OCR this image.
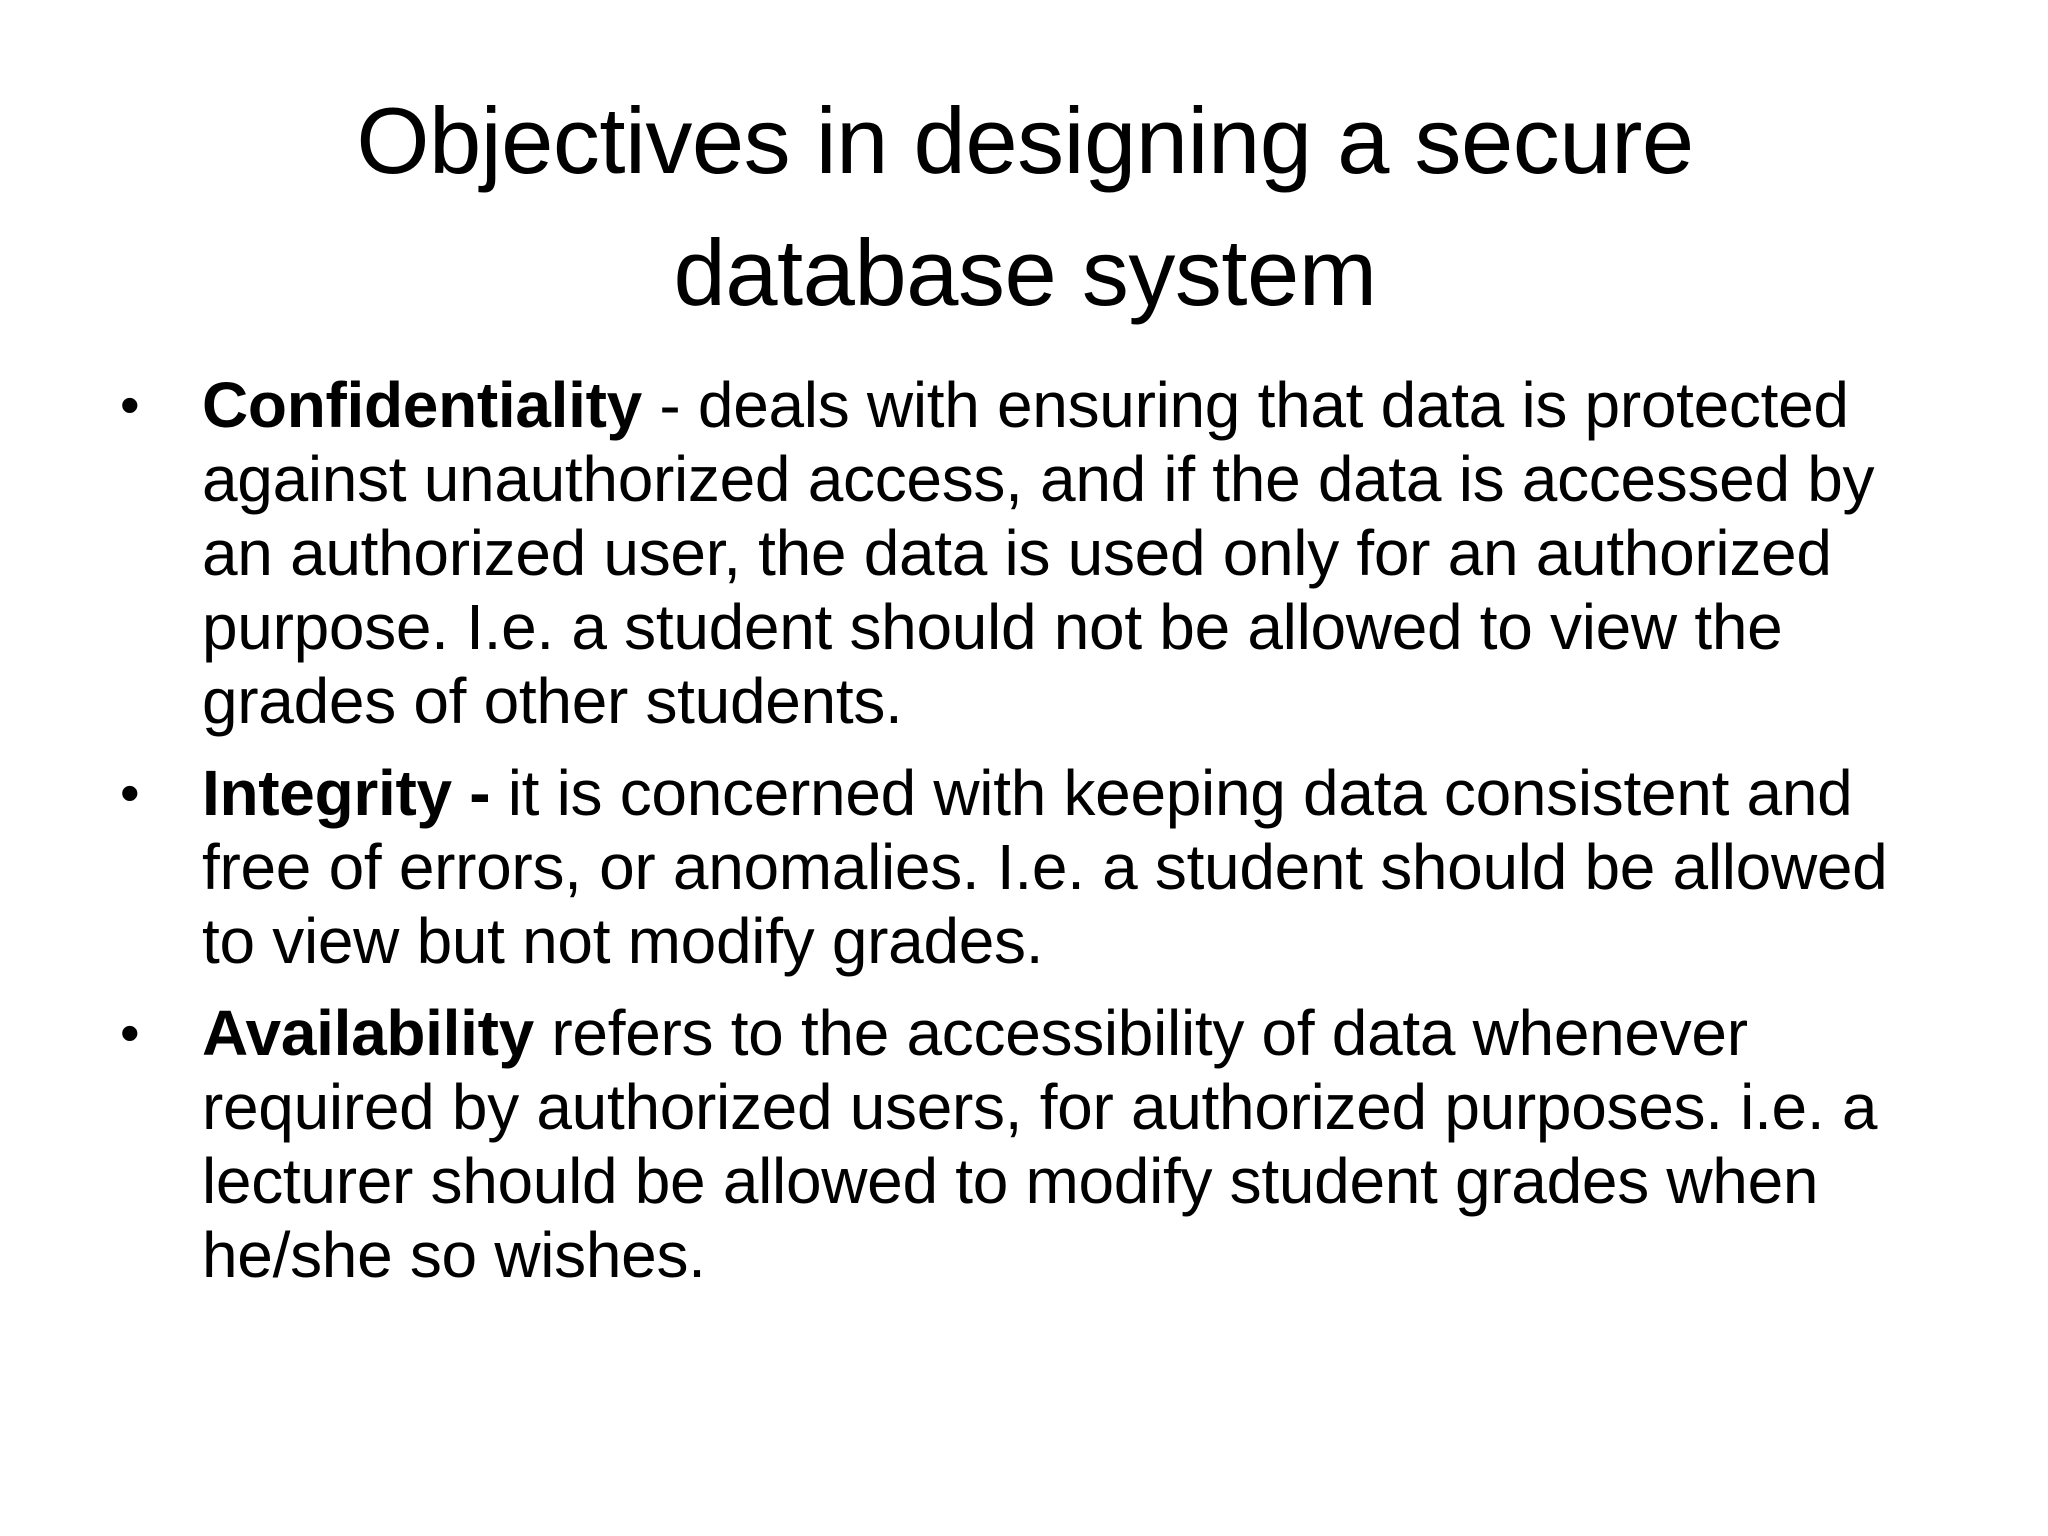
Objectives in designing a secure database system
• Confidentiality - deals with ensuring that data is protected against unauthorized access, and if the data is accessed by an authorized user, the data is used only for an authorized purpose. I.e. a student should not be allowed to view the grades of other students.
• Integrity - it is concerned with keeping data consistent and free of errors, or anomalies. I.e. a student should be allowed to view but not modify grades.
• Availability refers to the accessibility of data whenever required by authorized users, for authorized purposes. i.e. a lecturer should be allowed to modify student grades when he/she so wishes.
